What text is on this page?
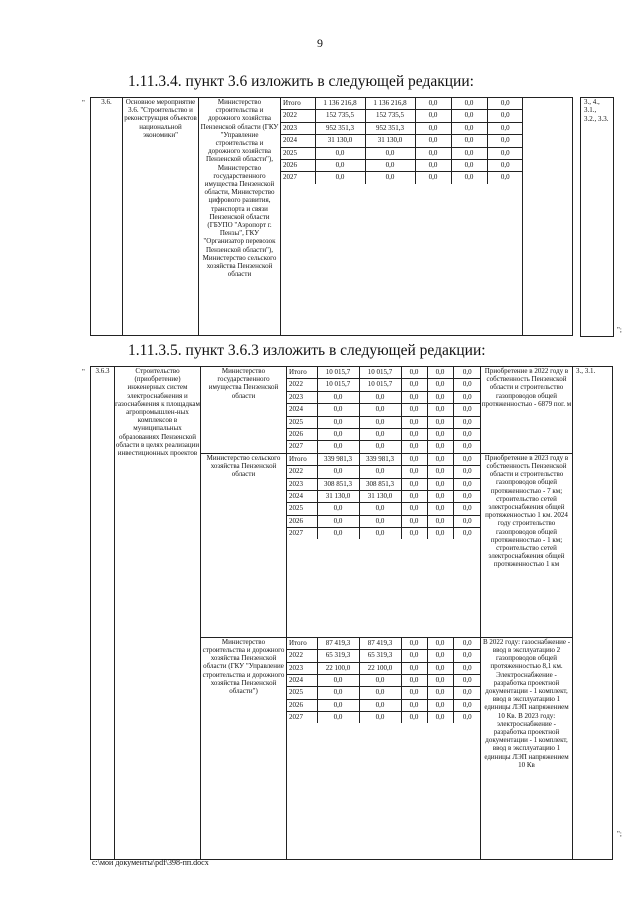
9
1.11.3.4. пункт 3.6 изложить в следующей редакции:
" 3.6.	Основное мероприятие 3.6. "Строительство и реконструкция объектов национальной экономики"	Министерство строительства и дорожного хозяйства Пензенской области (ГКУ "Управление строительства и дорожного хозяйства Пензенской области"), Министерство государственного имущества Пензенской области, Министерство цифрового развития, транспорта и связи Пензенской области (ГБУПО "Аэропорт г. Пензы", ГКУ "Организатор перевозок Пензенской области"), Министерство сельского хозяйства Пензенской области	
Итого	1 136 216,8	1 136 216,8	0,0	0,0	0,0
2022	152 735,5	152 735,5	0,0	0,0	0,0
2023	952 351,3	952 351,3	0,0	0,0	0,0
2024	31 130,0	31 130,0	0,0	0,0	0,0
2025	0,0	0,0	0,0	0,0	0,0
2026	0,0	0,0	0,0	0,0	0,0
2027	0,0	0,0	0,0	0,0	0,0

3., 4., 3.1., 3.2., 3.3.
";
1.11.3.5. пункт 3.6.3 изложить в следующей редакции:
" 3.6.3	Строительство (приобретение) инженерных систем электроснабжения и газоснабжения к площадкам агропромышлен-ных комплексов в муниципальных образованиях Пензенской области в целях реализации инвестиционных проектов	Министерство государственного имущества Пензенской области	
Итого	10 015,7	10 015,7	0,0	0,0	0,0
2022	10 015,7	10 015,7	0,0	0,0	0,0
2023	0,0	0,0	0,0	0,0	0,0
2024	0,0	0,0	0,0	0,0	0,0
2025	0,0	0,0	0,0	0,0	0,0
2026	0,0	0,0	0,0	0,0	0,0
2027	0,0	0,0	0,0	0,0	0,0
	Приобретение в 2022 году в собственность Пензенской области и строительство газопроводов общей протяженностью - 6879 пог. м	3., 3.1.
Министерство сельского хозяйства Пензенской области	
Итого	339 981,3	339 981,3	0,0	0,0	0,0
2022	0,0	0,0	0,0	0,0	0,0
2023	308 851,3	308 851,3	0,0	0,0	0,0
2024	31 130,0	31 130,0	0,0	0,0	0,0
2025	0,0	0,0	0,0	0,0	0,0
2026	0,0	0,0	0,0	0,0	0,0
2027	0,0	0,0	0,0	0,0	0,0
	Приобретение в 2023 году в собственность Пензенской области и строительство газопроводов общей протяженностью - 7 км; строительство сетей электроснабжения общей протяженностью 1 км. 2024 году строительство газопроводов общей протяженностью - 1 км; строительство сетей электроснабжения общей протяженностью 1 км
Министерство строительства и дорожного хозяйства Пензенской области (ГКУ "Управление строительства и дорожного хозяйства Пензенской области")	
Итого	87 419,3	87 419,3	0,0	0,0	0,0
2022	65 319,3	65 319,3	0,0	0,0	0,0
2023	22 100,0	22 100,0	0,0	0,0	0,0
2024	0,0	0,0	0,0	0,0	0,0
2025	0,0	0,0	0,0	0,0	0,0
2026	0,0	0,0	0,0	0,0	0,0
2027	0,0	0,0	0,0	0,0	0,0
	В 2022 году: газоснабжение - ввод в эксплуатацию 2 газопроводов общей протяженностью 8,1 км. Электроснабжение - разработка проектной документации - 1 комплект, ввод в эксплуатацию 1 единицы ЛЭП напряжением 10 Кв. В 2023 году: электроснабжение - разработка проектной документации - 1 комплект, ввод в эксплуатацию 1 единицы ЛЭП напряжением 10 Кв
";
c:\мои документы\pdf\398-пп.docx
